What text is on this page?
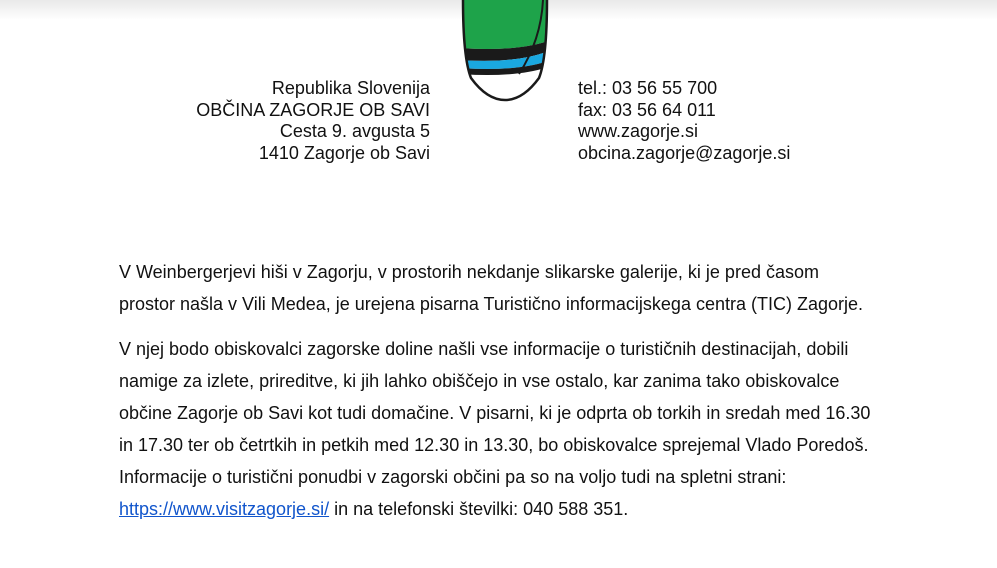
Republika Slovenija
OBČINA ZAGORJE OB SAVI
Cesta 9. avgusta 5
1410 Zagorje ob Savi
tel.: 03 56 55 700
fax: 03 56 64 011
www.zagorje.si
obcina.zagorje@zagorje.si

V Weinbergerjevi hiši v Zagorju, v prostorih nekdanje slikarske galerije, ki je pred časom prostor našla v Vili Medea, je urejena pisarna Turistično informacijskega centra (TIC) Zagorje.

V njej bodo obiskovalci zagorske doline našli vse informacije o turističnih destinacijah, dobili namige za izlete, prireditve, ki jih lahko obiščejo in vse ostalo, kar zanima tako obiskovalce občine Zagorje ob Savi kot tudi domačine. V pisarni, ki je odprta ob torkih in sredah med 16.30 in 17.30 ter ob četrtkih in petkih med 12.30 in 13.30, bo obiskovalce sprejemal Vlado Poredoš. Informacije o turistični ponudbi v zagorski občini pa so na voljo tudi na spletni strani: https://www.visitzagorje.si/ in na telefonski številki: 040 588 351.
